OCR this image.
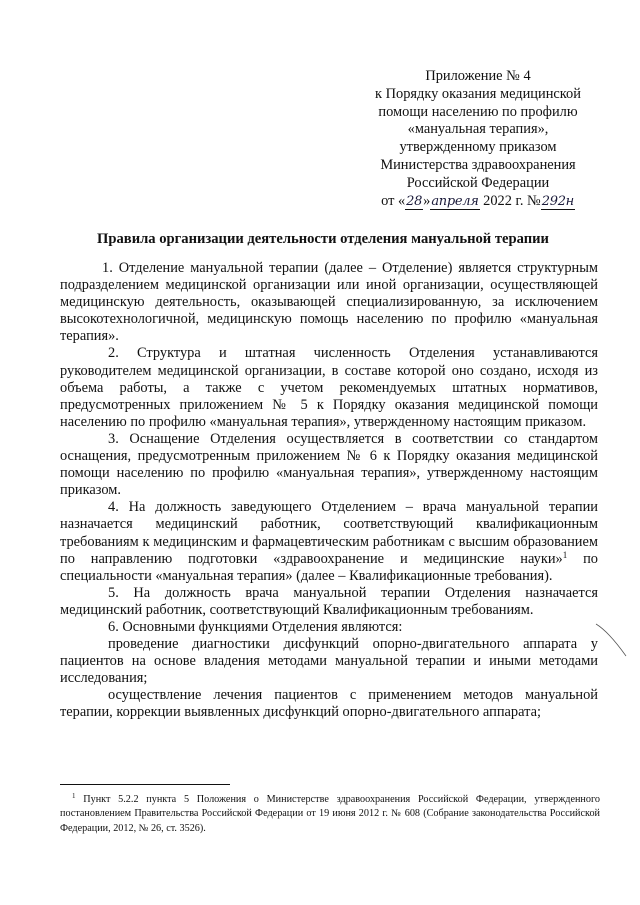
Приложение № 4
к Порядку оказания медицинской
помощи населению по профилю
«мануальная терапия»,
утвержденному приказом
Министерства здравоохранения
Российской Федерации
от «28»апреля 2022 г. №292н
Правила организации деятельности отделения мануальной терапии

1. Отделение мануальной терапии (далее – Отделение) является структурным подразделением медицинской организации или иной организации, осуществляющей медицинскую деятельность, оказывающей специализированную, за исключением высокотехнологичной, медицинскую помощь населению по профилю «мануальная терапия».

2. Структура и штатная численность Отделения устанавливаются руководителем медицинской организации, в составе которой оно создано, исходя из объема работы, а также с учетом рекомендуемых штатных нормативов, предусмотренных приложением № 5 к Порядку оказания медицинской помощи населению по профилю «мануальная терапия», утвержденному настоящим приказом.

3. Оснащение Отделения осуществляется в соответствии со стандартом оснащения, предусмотренным приложением № 6 к Порядку оказания медицинской помощи населению по профилю «мануальная терапия», утвержденному настоящим приказом.

4. На должность заведующего Отделением – врача мануальной терапии назначается медицинский работник, соответствующий квалификационным требованиям к медицинским и фармацевтическим работникам с высшим образованием по направлению подготовки «здравоохранение и медицинские науки»$^1$ по специальности «мануальная терапия» (далее – Квалификационные требования).

5. На должность врача мануальной терапии Отделения назначается медицинский работник, соответствующий Квалификационным требованиям.

6. Основными функциями Отделения являются:

проведение диагностики дисфункций опорно-двигательного аппарата у пациентов на основе владения методами мануальной терапии и иными методами исследования;

осуществление лечения пациентов с применением методов мануальной терапии, коррекции выявленных дисфункций опорно-двигательного аппарата;

$^1$ Пункт 5.2.2 пункта 5 Положения о Министерстве здравоохранения Российской Федерации, утвержденного постановлением Правительства Российской Федерации от 19 июня 2012 г. № 608 (Собрание законодательства Российской Федерации, 2012, № 26, ст. 3526).
